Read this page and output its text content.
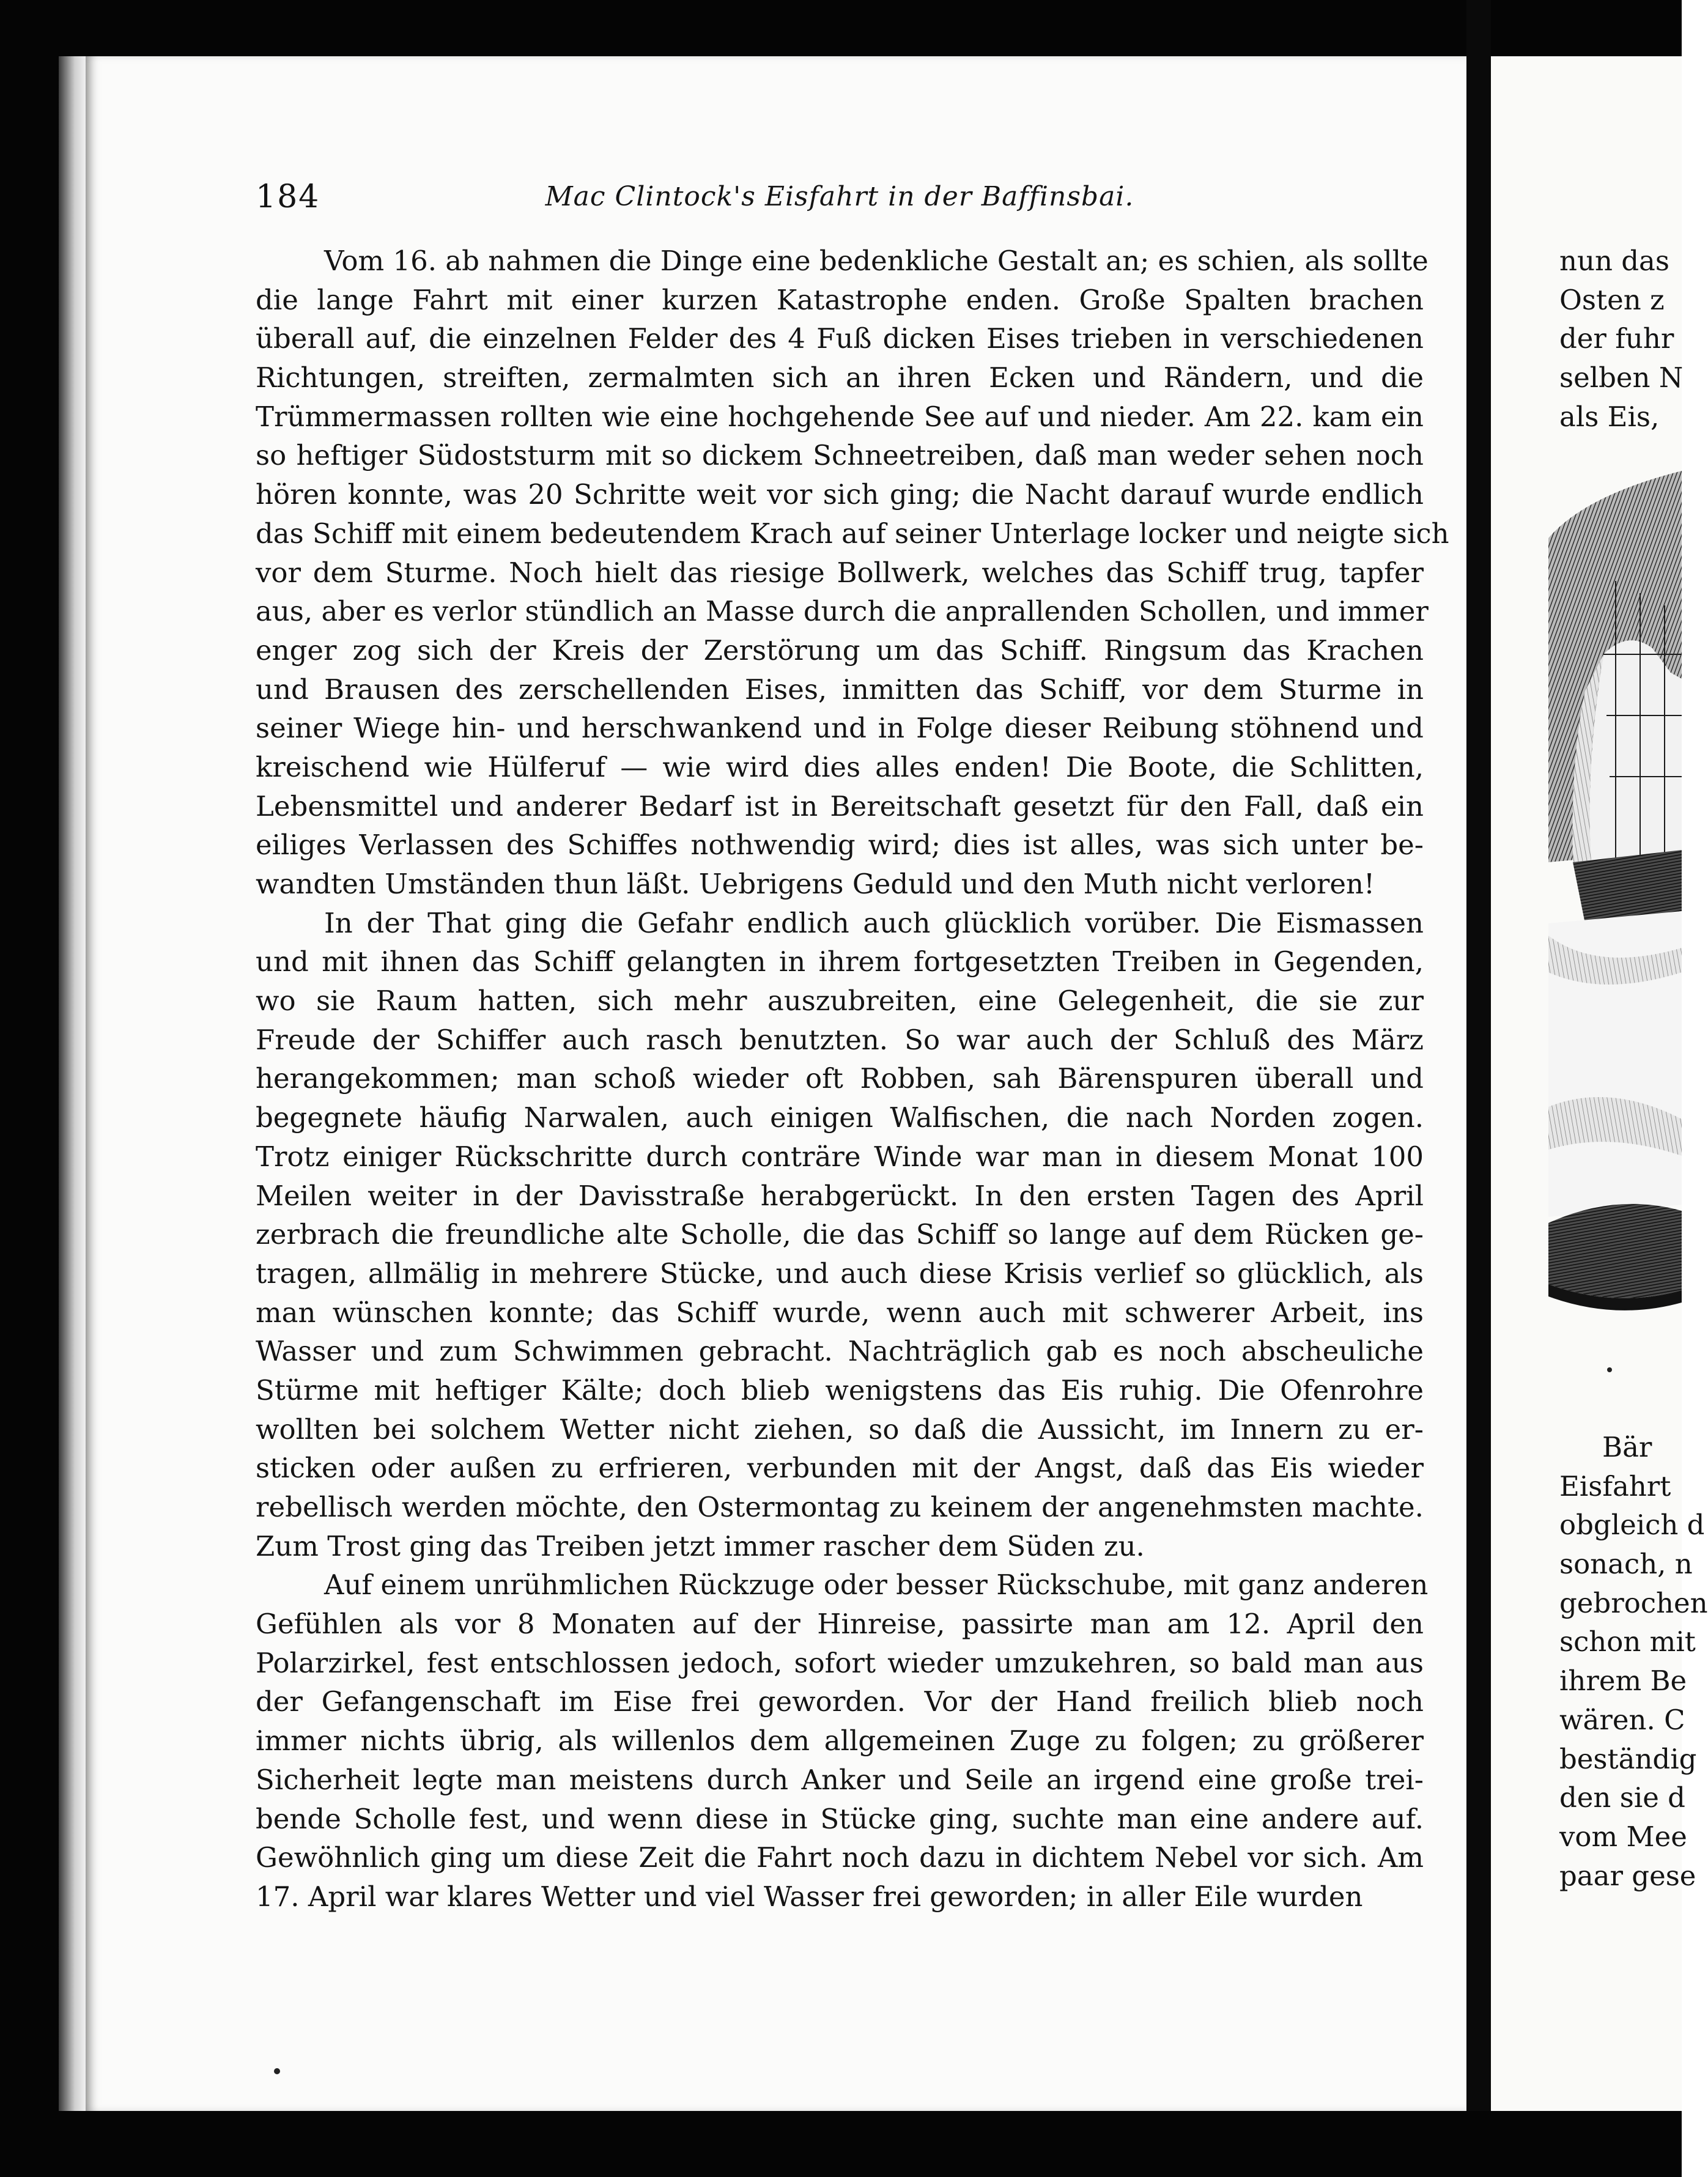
184	Mac Clintock's Eisfahrt in der Baffinsbai.
Vom 16. ab nahmen die Dinge eine bedenkliche Gestalt an; es schien, als sollte
die lange Fahrt mit einer kurzen Katastrophe enden. Große Spalten brachen
überall auf, die einzelnen Felder des 4 Fuß dicken Eises trieben in verschiedenen
Richtungen, streiften, zermalmten sich an ihren Ecken und Rändern, und die
Trümmermassen rollten wie eine hochgehende See auf und nieder. Am 22. kam ein
so heftiger Südoststurm mit so dickem Schneetreiben, daß man weder sehen noch
hören konnte, was 20 Schritte weit vor sich ging; die Nacht darauf wurde endlich
das Schiff mit einem bedeutendem Krach auf seiner Unterlage locker und neigte sich
vor dem Sturme. Noch hielt das riesige Bollwerk, welches das Schiff trug, tapfer
aus, aber es verlor stündlich an Masse durch die anprallenden Schollen, und immer
enger zog sich der Kreis der Zerstörung um das Schiff. Ringsum das Krachen
und Brausen des zerschellenden Eises, inmitten das Schiff, vor dem Sturme in
seiner Wiege hin- und herschwankend und in Folge dieser Reibung stöhnend und
kreischend wie Hülferuf — wie wird dies alles enden! Die Boote, die Schlitten,
Lebensmittel und anderer Bedarf ist in Bereitschaft gesetzt für den Fall, daß ein
eiliges Verlassen des Schiffes nothwendig wird; dies ist alles, was sich unter be-
wandten Umständen thun läßt. Uebrigens Geduld und den Muth nicht verloren!
In der That ging die Gefahr endlich auch glücklich vorüber. Die Eismassen
und mit ihnen das Schiff gelangten in ihrem fortgesetzten Treiben in Gegenden,
wo sie Raum hatten, sich mehr auszubreiten, eine Gelegenheit, die sie zur
Freude der Schiffer auch rasch benutzten. So war auch der Schluß des März
herangekommen; man schoß wieder oft Robben, sah Bärenspuren überall und
begegnete häufig Narwalen, auch einigen Walfischen, die nach Norden zogen.
Trotz einiger Rückschritte durch conträre Winde war man in diesem Monat 100
Meilen weiter in der Davisstraße herabgerückt. In den ersten Tagen des April
zerbrach die freundliche alte Scholle, die das Schiff so lange auf dem Rücken ge-
tragen, allmälig in mehrere Stücke, und auch diese Krisis verlief so glücklich, als
man wünschen konnte; das Schiff wurde, wenn auch mit schwerer Arbeit, ins
Wasser und zum Schwimmen gebracht. Nachträglich gab es noch abscheuliche
Stürme mit heftiger Kälte; doch blieb wenigstens das Eis ruhig. Die Ofenrohre
wollten bei solchem Wetter nicht ziehen, so daß die Aussicht, im Innern zu er-
sticken oder außen zu erfrieren, verbunden mit der Angst, daß das Eis wieder
rebellisch werden möchte, den Ostermontag zu keinem der angenehmsten machte.
Zum Trost ging das Treiben jetzt immer rascher dem Süden zu.
Auf einem unrühmlichen Rückzuge oder besser Rückschube, mit ganz anderen
Gefühlen als vor 8 Monaten auf der Hinreise, passirte man am 12. April den
Polarzirkel, fest entschlossen jedoch, sofort wieder umzukehren, so bald man aus
der Gefangenschaft im Eise frei geworden. Vor der Hand freilich blieb noch
immer nichts übrig, als willenlos dem allgemeinen Zuge zu folgen; zu größerer
Sicherheit legte man meistens durch Anker und Seile an irgend eine große trei-
bende Scholle fest, und wenn diese in Stücke ging, suchte man eine andere auf.
Gewöhnlich ging um diese Zeit die Fahrt noch dazu in dichtem Nebel vor sich. Am
17. April war klares Wetter und viel Wasser frei geworden; in aller Eile wurden
nun das
Osten z
der fuhr
selben N
als Eis,
Bär
Eisfahrt
obgleich d
sonach, n
gebrochen
schon mit
ihrem Be
wären. C
beständig
den sie d
vom Mee
paar gese
